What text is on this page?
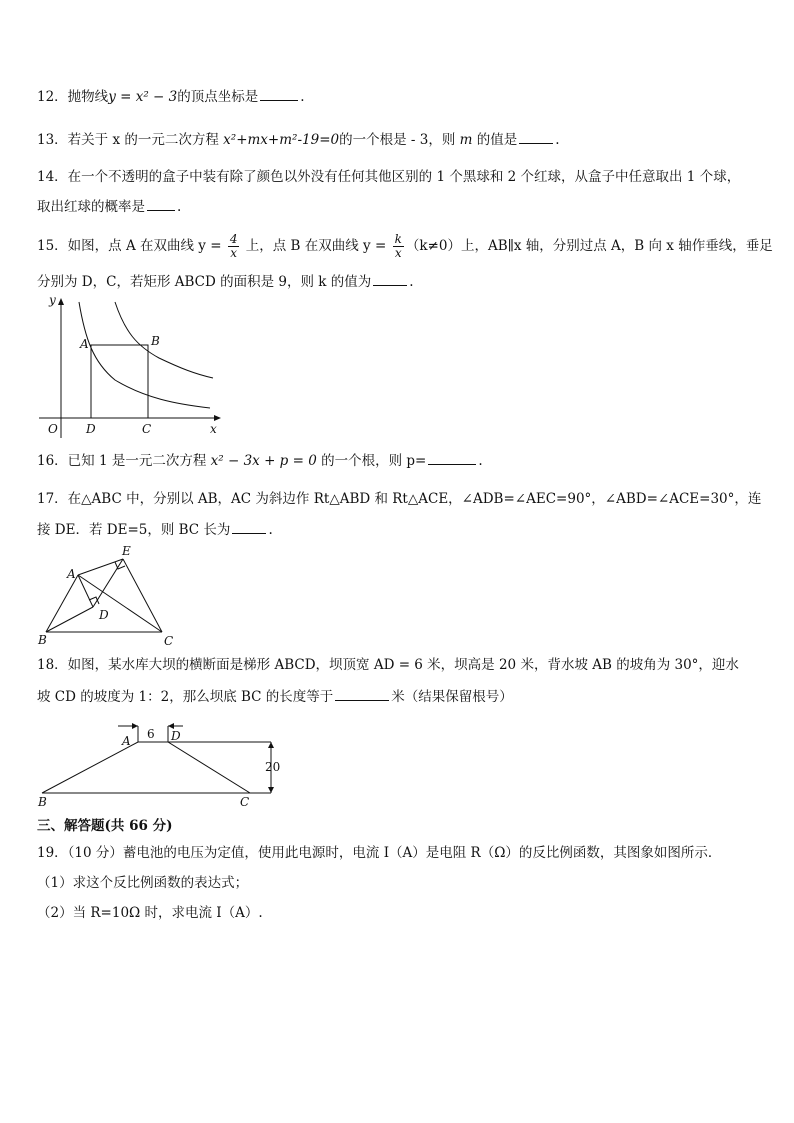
12．抛物线y = x² − 3的顶点坐标是	.
13．若关于 x 的一元二次方程 x²+mx+m²-19=0的一个根是 - 3，则 m 的值是	.
14．在一个不透明的盒子中装有除了颜色以外没有任何其他区别的 1 个黑球和 2 个红球，从盒子中任意取出 1 个球，
取出红球的概率是 .
15．如图，点 A 在双曲线 $y = \frac{4}{x}$ 上，点 B 在双曲线 $y = \frac{k}{x} (k\ne 0)$上，AB∥x 轴，分别过点 A，B 向 x 轴作垂线，垂足
分别为 D，C，若矩形 ABCD 的面积是 9，则 k 的值为	.
A	B
C
D
O	x
y
16．已知 1 是一元二次方程 x² − 3x + p = 0 的一个根，则 p=	.
17．在△ABC 中，分别以 AB，AC 为斜边作 Rt△ABD 和 Rt△ACE，∠ADB=∠AEC=90°，∠ABD=∠ACE=30°，连
接 DE．若 DE=5，则 BC 长为	.
A
B	C
D
E
18．如图，某水库大坝的横断面是梯形 ABCD，坝顶宽 AD = 6 米，坝高是 20 米，背水坡 AB 的坡角为 30°，迎水
坡 CD 的坡度为 1：2，那么坝底 BC 的长度等于	米（结果保留根号）
6
20
A	D
B	C
三、解答题(共 66 分)
19．（10 分）蓄电池的电压为定值，使用此电源时，电流 I（A）是电阻 R（Ω）的反比例函数，其图象如图所示．
（1）求这个反比例函数的表达式；
（2）当 R=10Ω 时，求电流 I（A）.
